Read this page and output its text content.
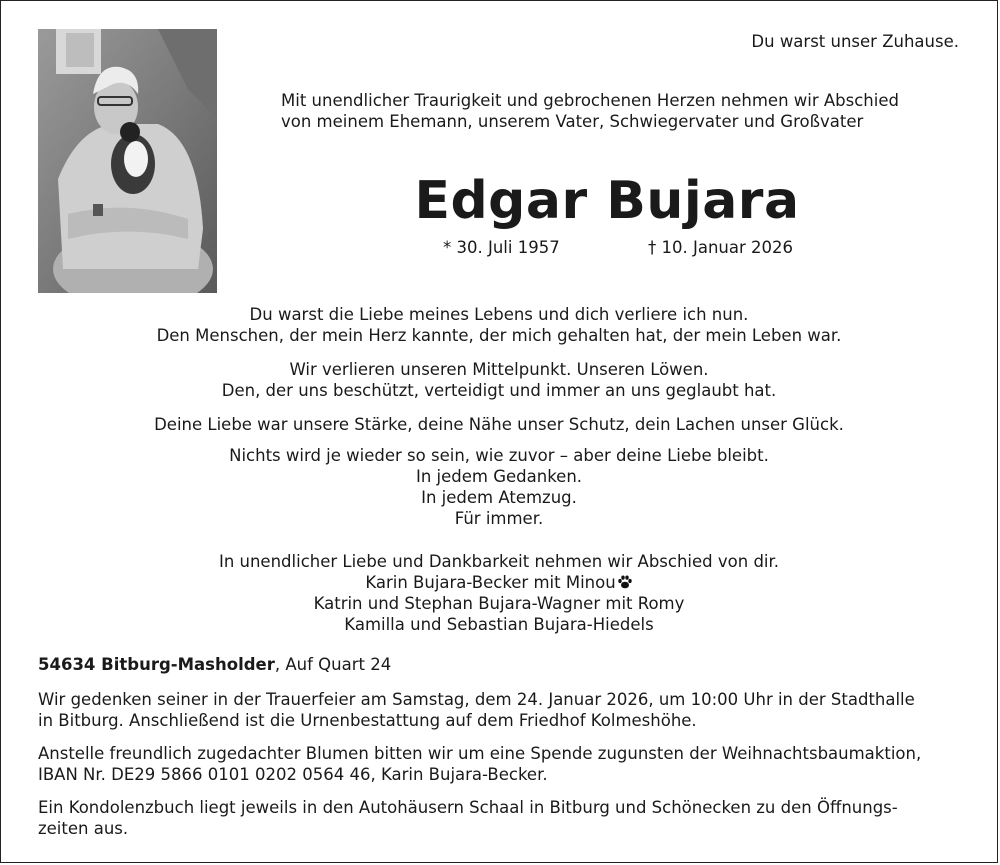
Du warst unser Zuhause.
Mit unendlicher Traurigkeit und gebrochenen Herzen nehmen wir Abschied
von meinem Ehemann, unserem Vater, Schwiegervater und Großvater
Edgar Bujara
* 30. Juli 1957	† 10. Januar 2026
Du warst die Liebe meines Lebens und dich verliere ich nun.
Den Menschen, der mein Herz kannte, der mich gehalten hat, der mein Leben war.
Wir verlieren unseren Mittelpunkt. Unseren Löwen.
Den, der uns beschützt, verteidigt und immer an uns geglaubt hat.
Deine Liebe war unsere Stärke, deine Nähe unser Schutz, dein Lachen unser Glück.
Nichts wird je wieder so sein, wie zuvor – aber deine Liebe bleibt.
In jedem Gedanken.
In jedem Atemzug.
Für immer.
In unendlicher Liebe und Dankbarkeit nehmen wir Abschied von dir.
Karin Bujara-Becker mit Minou
Katrin und Stephan Bujara-Wagner mit Romy
Kamilla und Sebastian Bujara-Hiedels
54634 Bitburg-Masholder, Auf Quart 24
Wir gedenken seiner in der Trauerfeier am Samstag, dem 24. Januar 2026, um 10:00 Uhr in der Stadthalle
in Bitburg. Anschließend ist die Urnenbestattung auf dem Friedhof Kolmeshöhe.
Anstelle freundlich zugedachter Blumen bitten wir um eine Spende zugunsten der Weihnachtsbaumaktion,
IBAN Nr. DE29 5866 0101 0202 0564 46, Karin Bujara-Becker.
Ein Kondolenzbuch liegt jeweils in den Autohäusern Schaal in Bitburg und Schönecken zu den Öffnungs-
zeiten aus.
